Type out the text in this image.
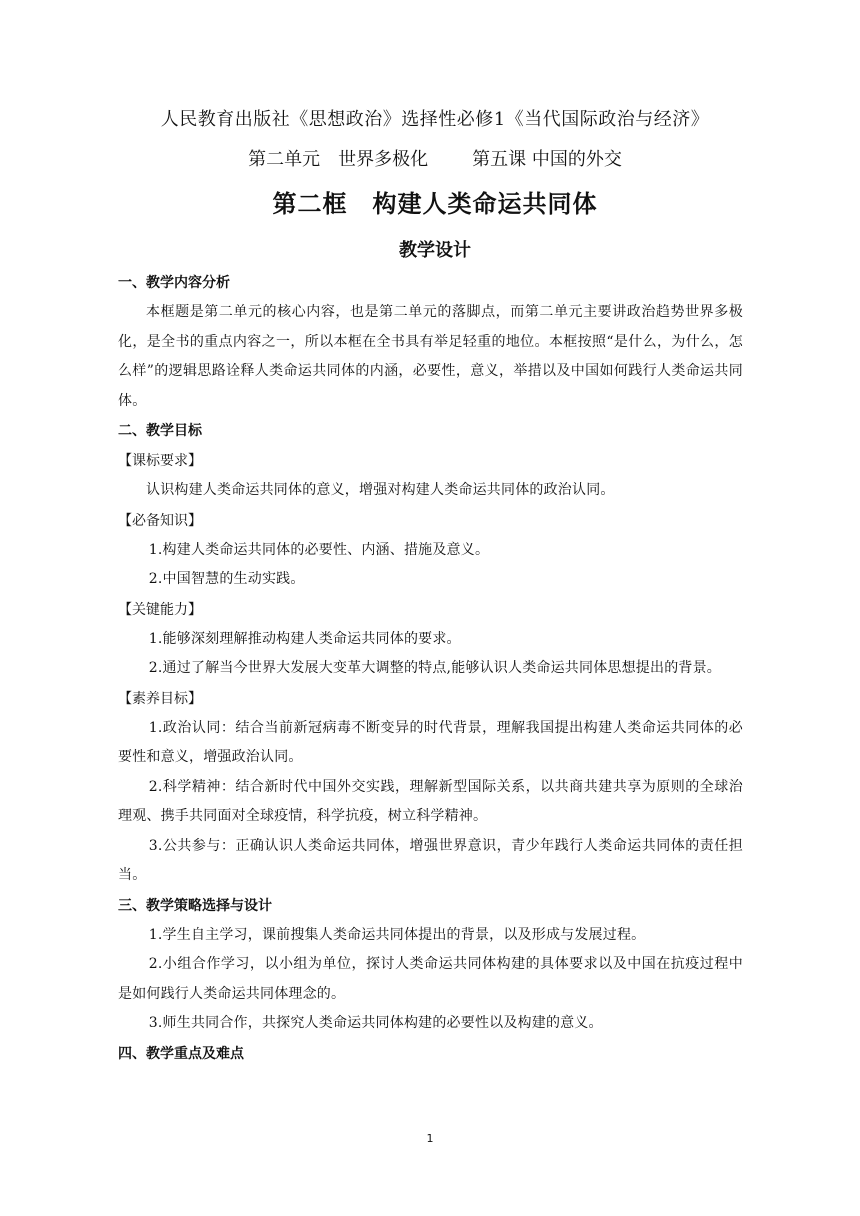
人民教育出版社《思想政治》选择性必修1《当代国际政治与经济》
第二单元　世界多极化 第五课 中国的外交
第二框　构建人类命运共同体
教学设计
一、教学内容分析

本框题是第二单元的核心内容，也是第二单元的落脚点，而第二单元主要讲政治趋势世界多极化，是全书的重点内容之一，所以本框在全书具有举足轻重的地位。本框按照“是什么，为什么，怎么样”的逻辑思路诠释人类命运共同体的内涵，必要性，意义，举措以及中国如何践行人类命运共同体。

二、教学目标
【课标要求】

认识构建人类命运共同体的意义，增强对构建人类命运共同体的政治认同。

【必备知识】

1.构建人类命运共同体的必要性、内涵、措施及意义。

2.中国智慧的生动实践。

【关键能力】

1.能够深刻理解推动构建人类命运共同体的要求。

2.通过了解当今世界大发展大变革大调整的特点,能够认识人类命运共同体思想提出的背景。

【素养目标】

1.政治认同：结合当前新冠病毒不断变异的时代背景，理解我国提出构建人类命运共同体的必要性和意义，增强政治认同。

2.科学精神：结合新时代中国外交实践，理解新型国际关系，以共商共建共享为原则的全球治理观、携手共同面对全球疫情，科学抗疫，树立科学精神。

3.公共参与：正确认识人类命运共同体，增强世界意识，青少年践行人类命运共同体的责任担当。

三、教学策略选择与设计

1.学生自主学习，课前搜集人类命运共同体提出的背景，以及形成与发展过程。

2.小组合作学习，以小组为单位，探讨人类命运共同体构建的具体要求以及中国在抗疫过程中是如何践行人类命运共同体理念的。

3.师生共同合作，共探究人类命运共同体构建的必要性以及构建的意义。

四、教学重点及难点
1
